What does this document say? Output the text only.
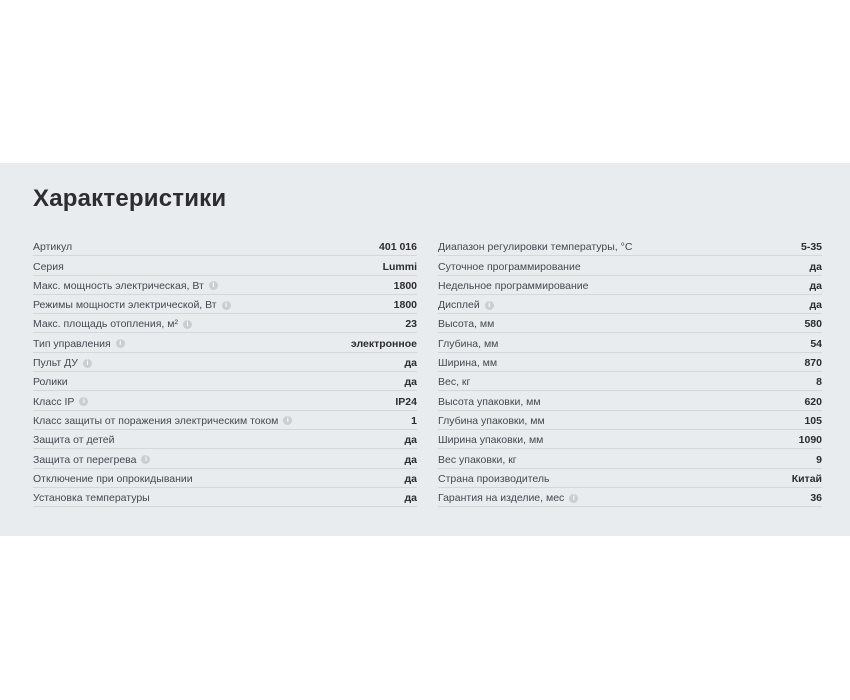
Характеристики
Артикул	401 016
Серия	Lummi
Макс. мощность электрическая, Вт	i	1800
Режимы мощности электрической, Вт	i	1800
Макс. площадь отопления, м²	i	23
Тип управления	i	электронное
Пульт ДУ	i	да
Ролики	да
Класс IP	i	IP24
Класс защиты от поражения электрическим током	i	1
Защита от детей	да
Защита от перегрева	i	да
Отключение при опрокидывании	да
Установка температуры	да
Диапазон регулировки температуры, °С	5-35
Суточное программирование	да
Недельное программирование	да
Дисплей	i	да
Высота, мм	580
Глубина, мм	54
Ширина, мм	870
Вес, кг	8
Высота упаковки, мм	620
Глубина упаковки, мм	105
Ширина упаковки, мм	1090
Вес упаковки, кг	9
Страна производитель	Китай
Гарантия на изделие, мес	i	36
